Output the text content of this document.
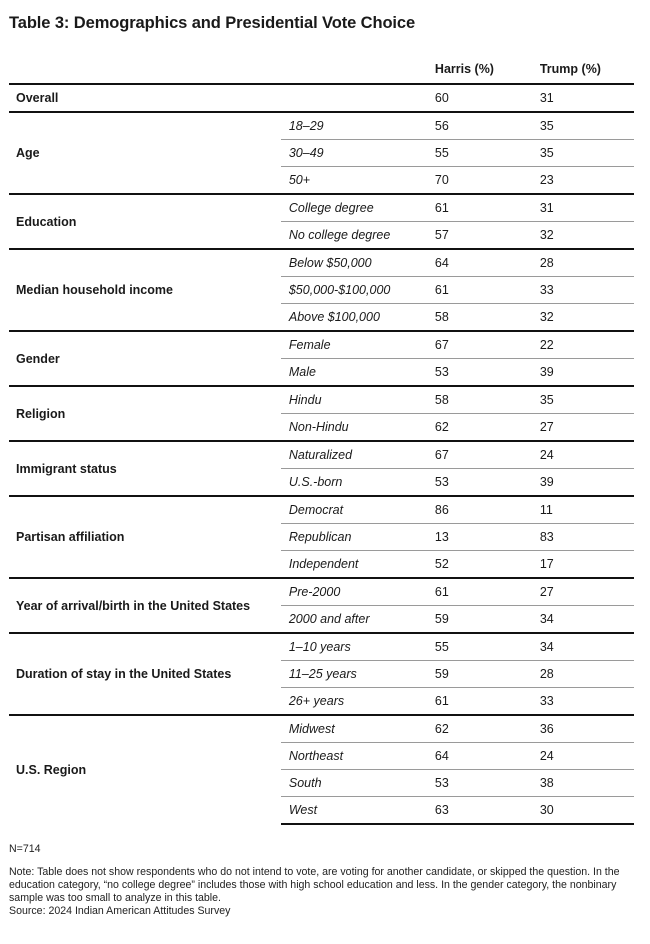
Table 3: Demographics and Presidential Vote Choice
		Harris (%)	Trump (%)
Overall		60	31
Age	18–29	56	35
	30–49	55	35
	50+	70	23
Education	College degree	61	31
	No college degree	57	32
Median household income	Below $50,000	64	28
	$50,000-$100,000	61	33
	Above $100,000	58	32
Gender	Female	67	22
	Male	53	39
Religion	Hindu	58	35
	Non-Hindu	62	27
Immigrant status	Naturalized	67	24
	U.S.-born	53	39
Partisan affiliation	Democrat	86	11
	Republican	13	83
	Independent	52	17
Year of arrival/birth in the United States	Pre-2000	61	27
	2000 and after	59	34
Duration of stay in the United States	1–10 years	55	34
	11–25 years	59	28
	26+ years	61	33
U.S. Region	Midwest	62	36
	Northeast	64	24
	South	53	38
	West	63	30

N=714

Note: Table does not show respondents who do not intend to vote, are voting for another candidate, or skipped the question. In the education category, “no college degree” includes those with high school education and less. In the gender category, the nonbinary sample was too small to analyze in this table.

Source: 2024 Indian American Attitudes Survey
